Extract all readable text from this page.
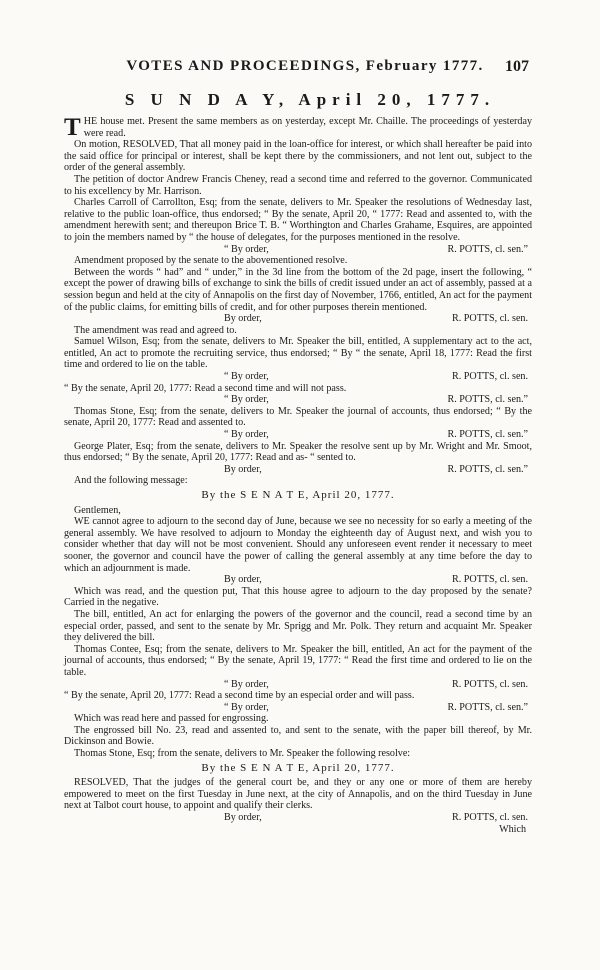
VOTES AND PROCEEDINGS, February 1777.	107
S U N D A Y, April 20, 1777.

THE house met. Present the same members as on yesterday, except Mr. Chaille. The proceedings of yesterday were read.

On motion, RESOLVED, That all money paid in the loan-office for interest, or which shall hereafter be paid into the said office for principal or interest, shall be kept there by the commissioners, and not lent out, subject to the order of the general assembly.

The petition of doctor Andrew Francis Cheney, read a second time and referred to the governor. Communicated to his excellency by Mr. Harrison.

Charles Carroll of Carrollton, Esq; from the senate, delivers to Mr. Speaker the resolutions of Wednesday last, relative to the public loan-office, thus endorsed; “ By the senate, April 20, “ 1777: Read and assented to, with the amendment herewith sent; and thereupon Brice T. B. “ Worthington and Charles Grahame, Esquires, are appointed to join the members named by “ the house of delegates, for the purposes mentioned in the resolve.

“ By order,	R. POTTS, cl. sen.”

Amendment proposed by the senate to the abovementioned resolve.

Between the words “ had” and “ under,” in the 3d line from the bottom of the 2d page, insert the following, “ except the power of drawing bills of exchange to sink the bills of credit issued under an act of assembly, passed at a session begun and held at the city of Annapolis on the first day of November, 1766, entitled, An act for the payment of the public claims, for emitting bills of credit, and for other purposes therein mentioned.

By order,	R. POTTS, cl. sen.

The amendment was read and agreed to.

Samuel Wilson, Esq; from the senate, delivers to Mr. Speaker the bill, entitled, A supplementary act to the act, entitled, An act to promote the recruiting service, thus endorsed; “ By “ the senate, April 18, 1777: Read the first time and ordered to lie on the table.

“ By order,	R. POTTS, cl. sen.

“ By the senate, April 20, 1777: Read a second time and will not pass.

“ By order,	R. POTTS, cl. sen.”

Thomas Stone, Esq; from the senate, delivers to Mr. Speaker the journal of accounts, thus endorsed; “ By the senate, April 20, 1777: Read and assented to.

“ By order,	R. POTTS, cl. sen.”

George Plater, Esq; from the senate, delivers to Mr. Speaker the resolve sent up by Mr. Wright and Mr. Smoot, thus endorsed; “ By the senate, April 20, 1777: Read and as- “ sented to.

By order,	R. POTTS, cl. sen.”

And the following message:

By the S E N A T E, April 20, 1777.

Gentlemen,

WE cannot agree to adjourn to the second day of June, because we see no necessity for so early a meeting of the general assembly. We have resolved to adjourn to Monday the eighteenth day of August next, and wish you to consider whether that day will not be most convenient. Should any unforeseen event render it necessary to meet sooner, the governor and council have the power of calling the general assembly at any time before the day to which an adjournment is made.

By order,	R. POTTS, cl. sen.

Which was read, and the question put, That this house agree to adjourn to the day proposed by the senate? Carried in the negative.

The bill, entitled, An act for enlarging the powers of the governor and the council, read a second time by an especial order, passed, and sent to the senate by Mr. Sprigg and Mr. Polk. They return and acquaint Mr. Speaker they delivered the bill.

Thomas Contee, Esq; from the senate, delivers to Mr. Speaker the bill, entitled, An act for the payment of the journal of accounts, thus endorsed; “ By the senate, April 19, 1777: “ Read the first time and ordered to lie on the table.

“ By order,	R. POTTS, cl. sen.

“ By the senate, April 20, 1777: Read a second time by an especial order and will pass.

“ By order,	R. POTTS, cl. sen.”

Which was read here and passed for engrossing.

The engrossed bill No. 23, read and assented to, and sent to the senate, with the paper bill thereof, by Mr. Dickinson and Bowie.

Thomas Stone, Esq; from the senate, delivers to Mr. Speaker the following resolve:

By the S E N A T E, April 20, 1777.

RESOLVED, That the judges of the general court be, and they or any one or more of them are hereby empowered to meet on the first Tuesday in June next, at the city of Annapolis, and on the third Tuesday in June next at Talbot court house, to appoint and qualify their clerks.

By order,	R. POTTS, cl. sen.
Which
